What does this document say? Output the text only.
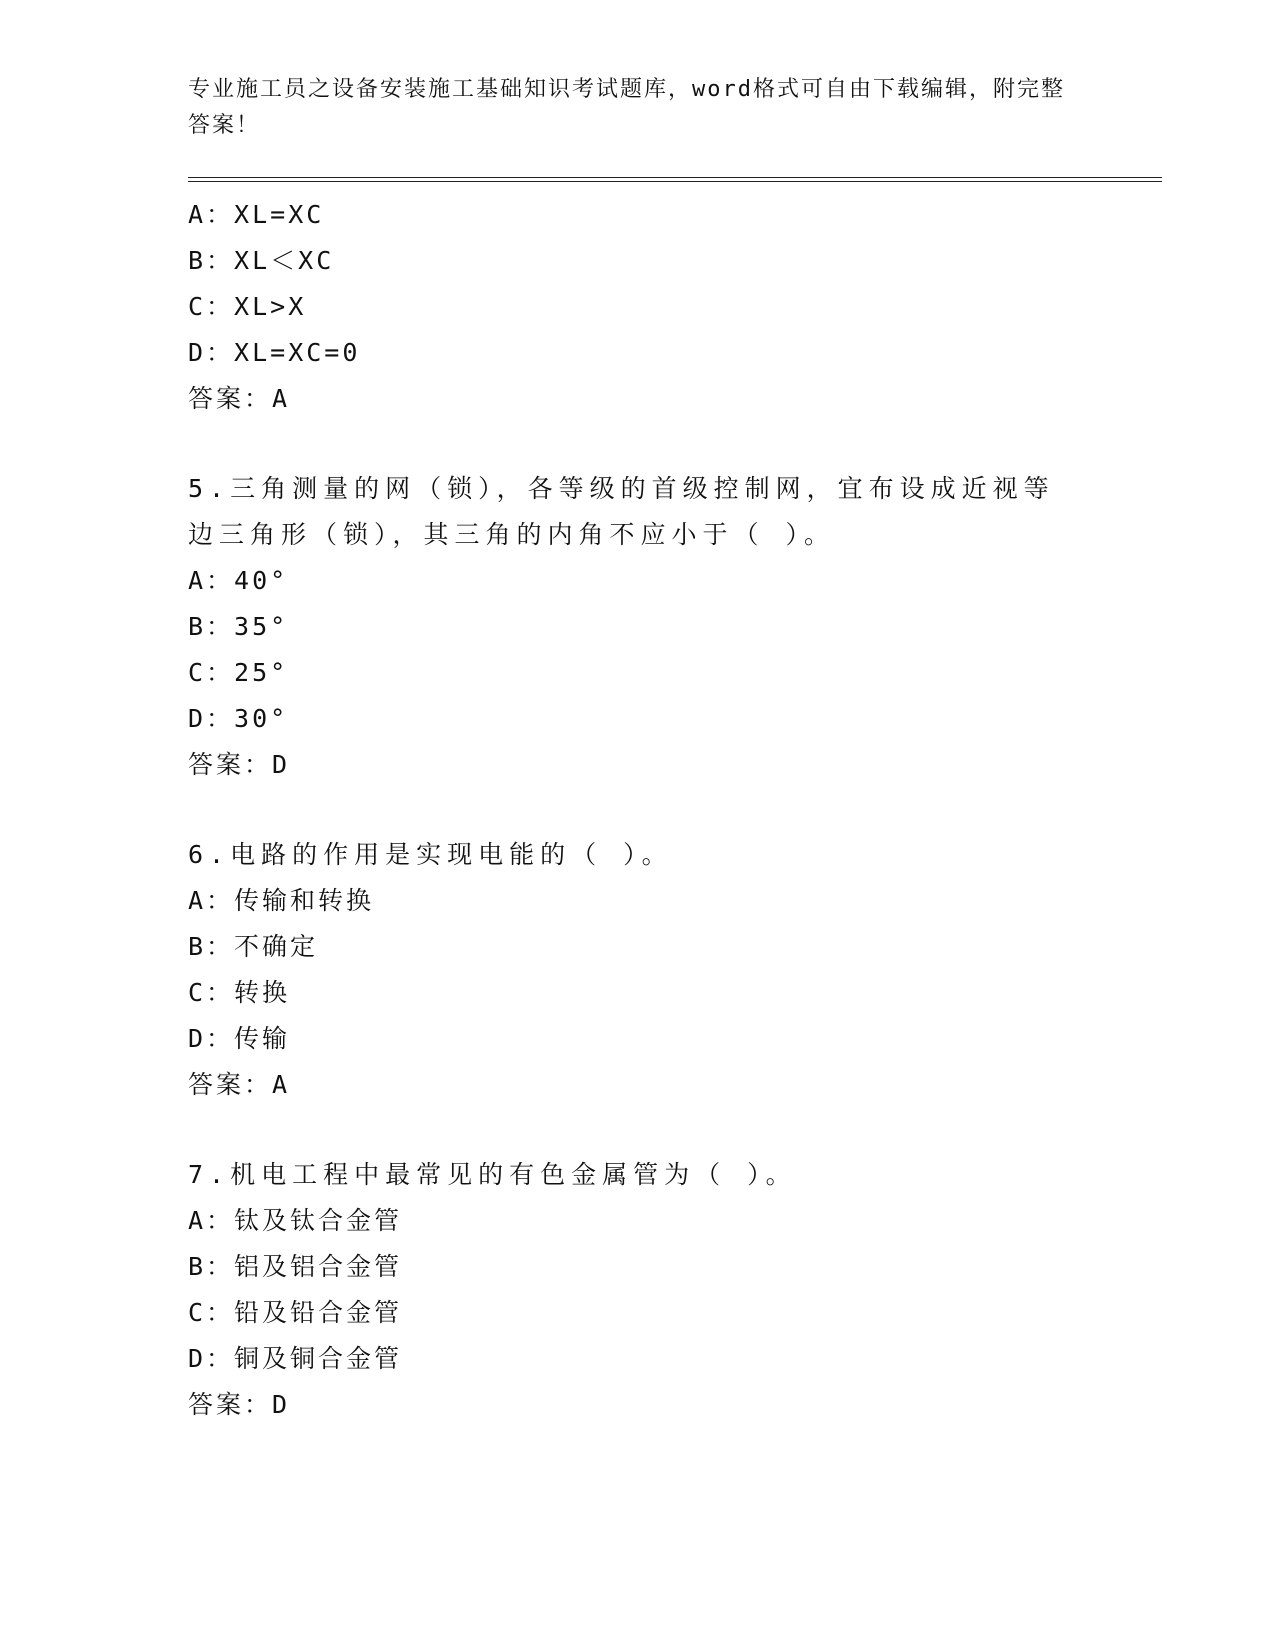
专业施工员之设备安装施工基础知识考试题库，word格式可自由下载编辑，附完整答案！
A：XL=XC
B：XL＜XC
C：XL>X
D：XL=XC=0
答案：A
5.三角测量的网（锁），各等级的首级控制网，宜布设成近视等边三角形（锁），其三角的内角不应小于（ ）。
A：40°
B：35°
C：25°
D：30°
答案：D
6.电路的作用是实现电能的（ ）。
A：传输和转换
B：不确定
C：转换
D：传输
答案：A
7.机电工程中最常见的有色金属管为（ ）。
A：钛及钛合金管
B：铝及铝合金管
C：铅及铅合金管
D：铜及铜合金管
答案：D
